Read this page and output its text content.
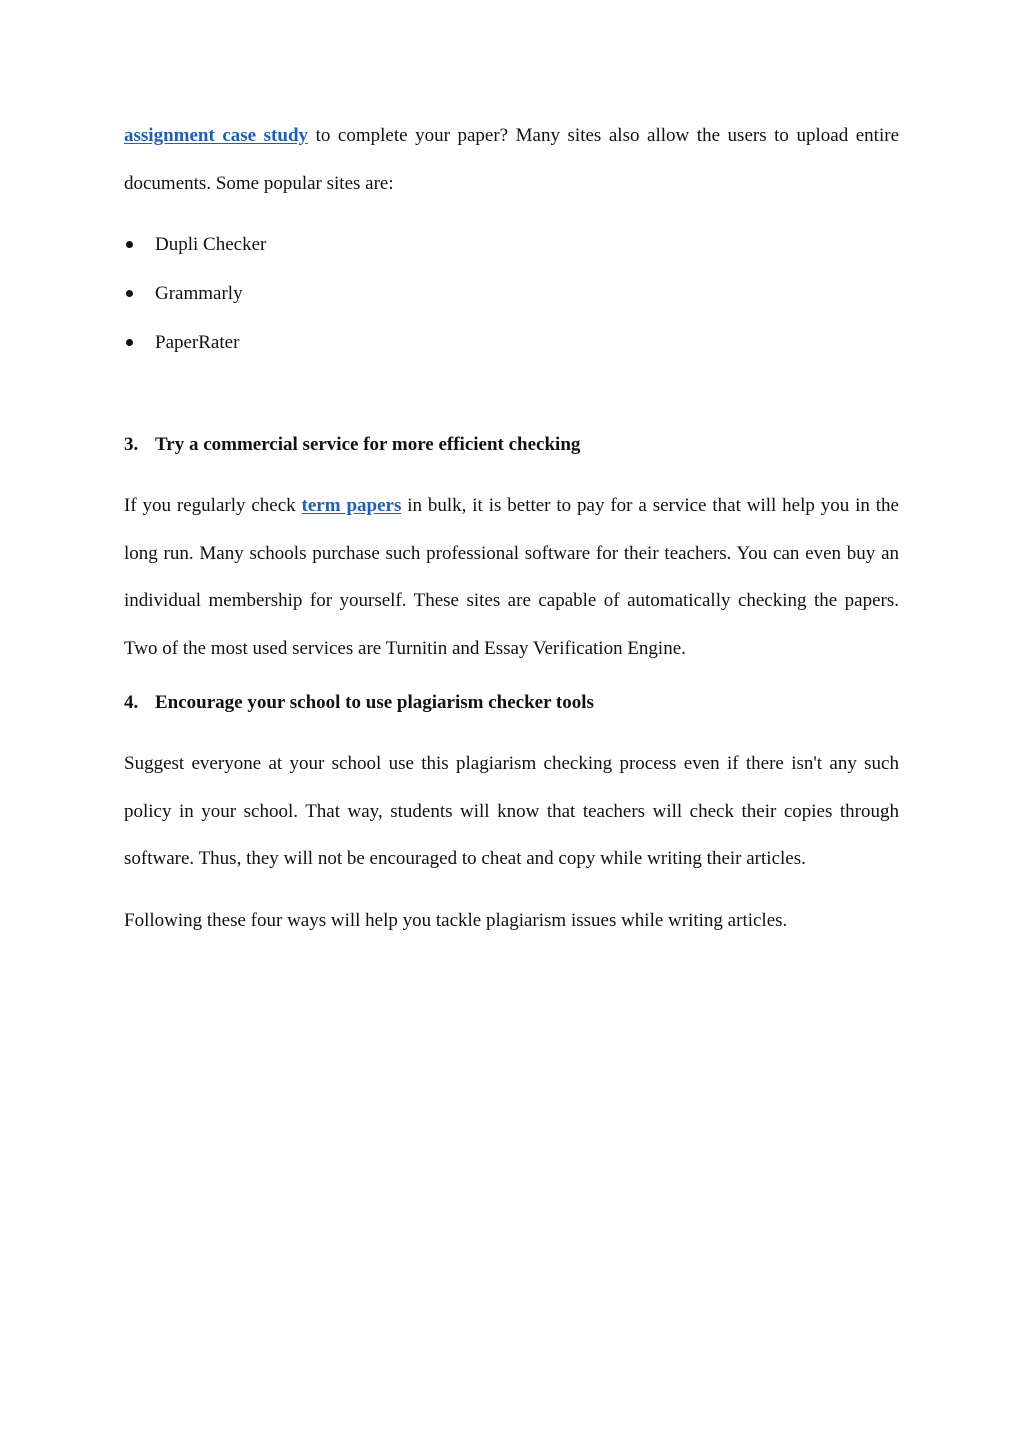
assignment case study to complete your paper? Many sites also allow the users to upload entire documents. Some popular sites are:

Dupli Checker
Grammarly
PaperRater
3. Try a commercial service for more efficient checking

If you regularly check term papers in bulk, it is better to pay for a service that will help you in the long run. Many schools purchase such professional software for their teachers. You can even buy an individual membership for yourself. These sites are capable of automatically checking the papers. Two of the most used services are Turnitin and Essay Verification Engine.

4. Encourage your school to use plagiarism checker tools

Suggest everyone at your school use this plagiarism checking process even if there isn't any such policy in your school. That way, students will know that teachers will check their copies through software. Thus, they will not be encouraged to cheat and copy while writing their articles.

Following these four ways will help you tackle plagiarism issues while writing articles.
